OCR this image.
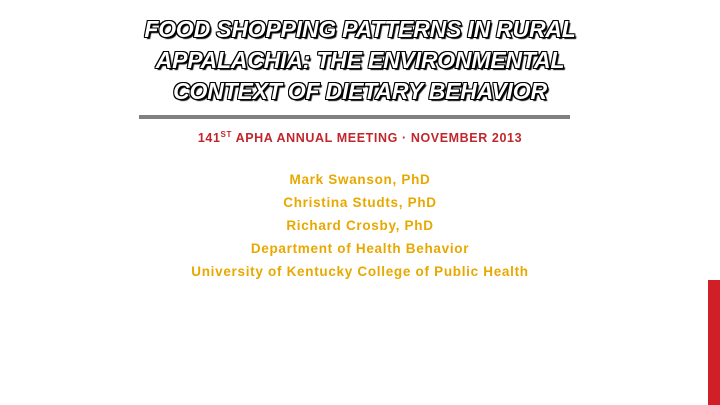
FOOD SHOPPING PATTERNS IN RURAL
APPALACHIA: THE ENVIRONMENTAL
CONTEXT OF DIETARY BEHAVIOR
141ST APHA ANNUAL MEETING · NOVEMBER 2013
Mark Swanson, PhD
Christina Studts, PhD
Richard Crosby, PhD
Department of Health Behavior
University of Kentucky College of Public Health
